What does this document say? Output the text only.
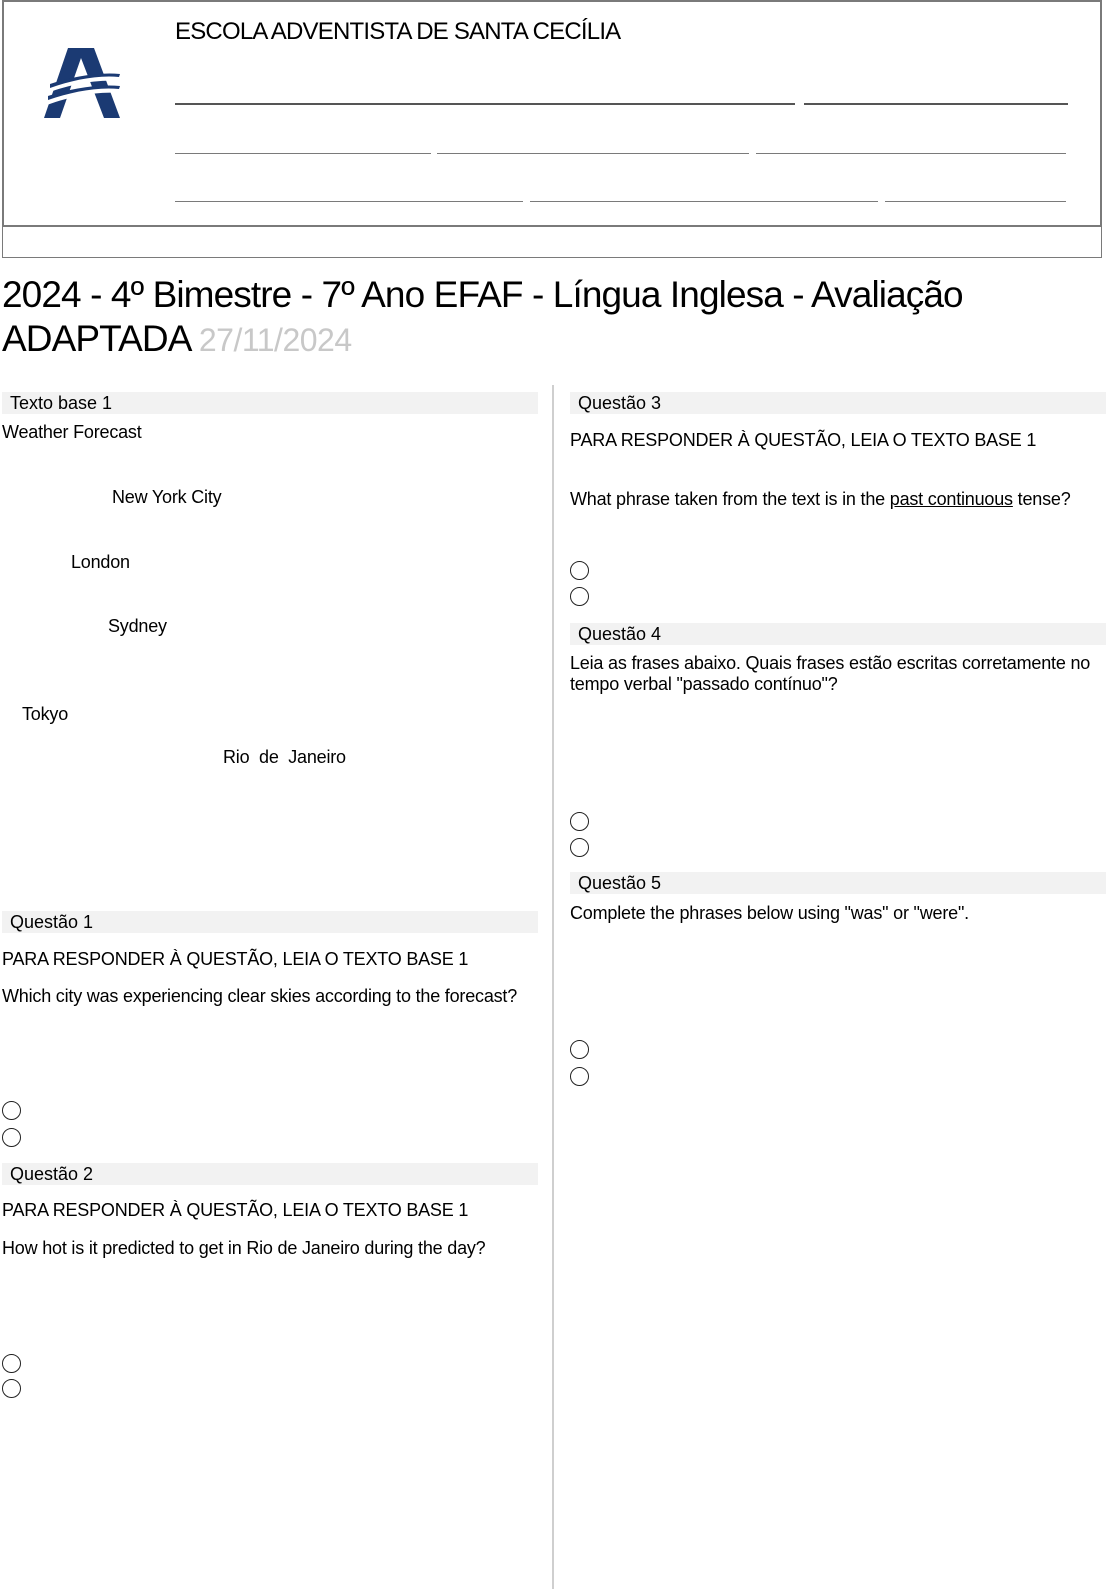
ESCOLA ADVENTISTA DE SANTA CECÍLIA
2024 - 4º Bimestre - 7º Ano EFAF - Língua Inglesa - Avaliação ADAPTADA 27/11/2024
Texto base 1
Weather Forecast
New York City
London
Sydney
Tokyo
Rio  de  Janeiro
Questão 1
PARA RESPONDER À QUESTÃO, LEIA O TEXTO BASE 1
Which city was experiencing clear skies according to the forecast?
Questão 2
PARA RESPONDER À QUESTÃO, LEIA O TEXTO BASE 1
How hot is it predicted to get in Rio de Janeiro during the day?
Questão 3
PARA RESPONDER À QUESTÃO, LEIA O TEXTO BASE 1
What phrase taken from the text is in the past continuous tense?
Questão 4
Leia as frases abaixo. Quais frases estão escritas corretamente no
tempo verbal "passado contínuo"?
Questão 5
Complete the phrases below using "was" or "were".
